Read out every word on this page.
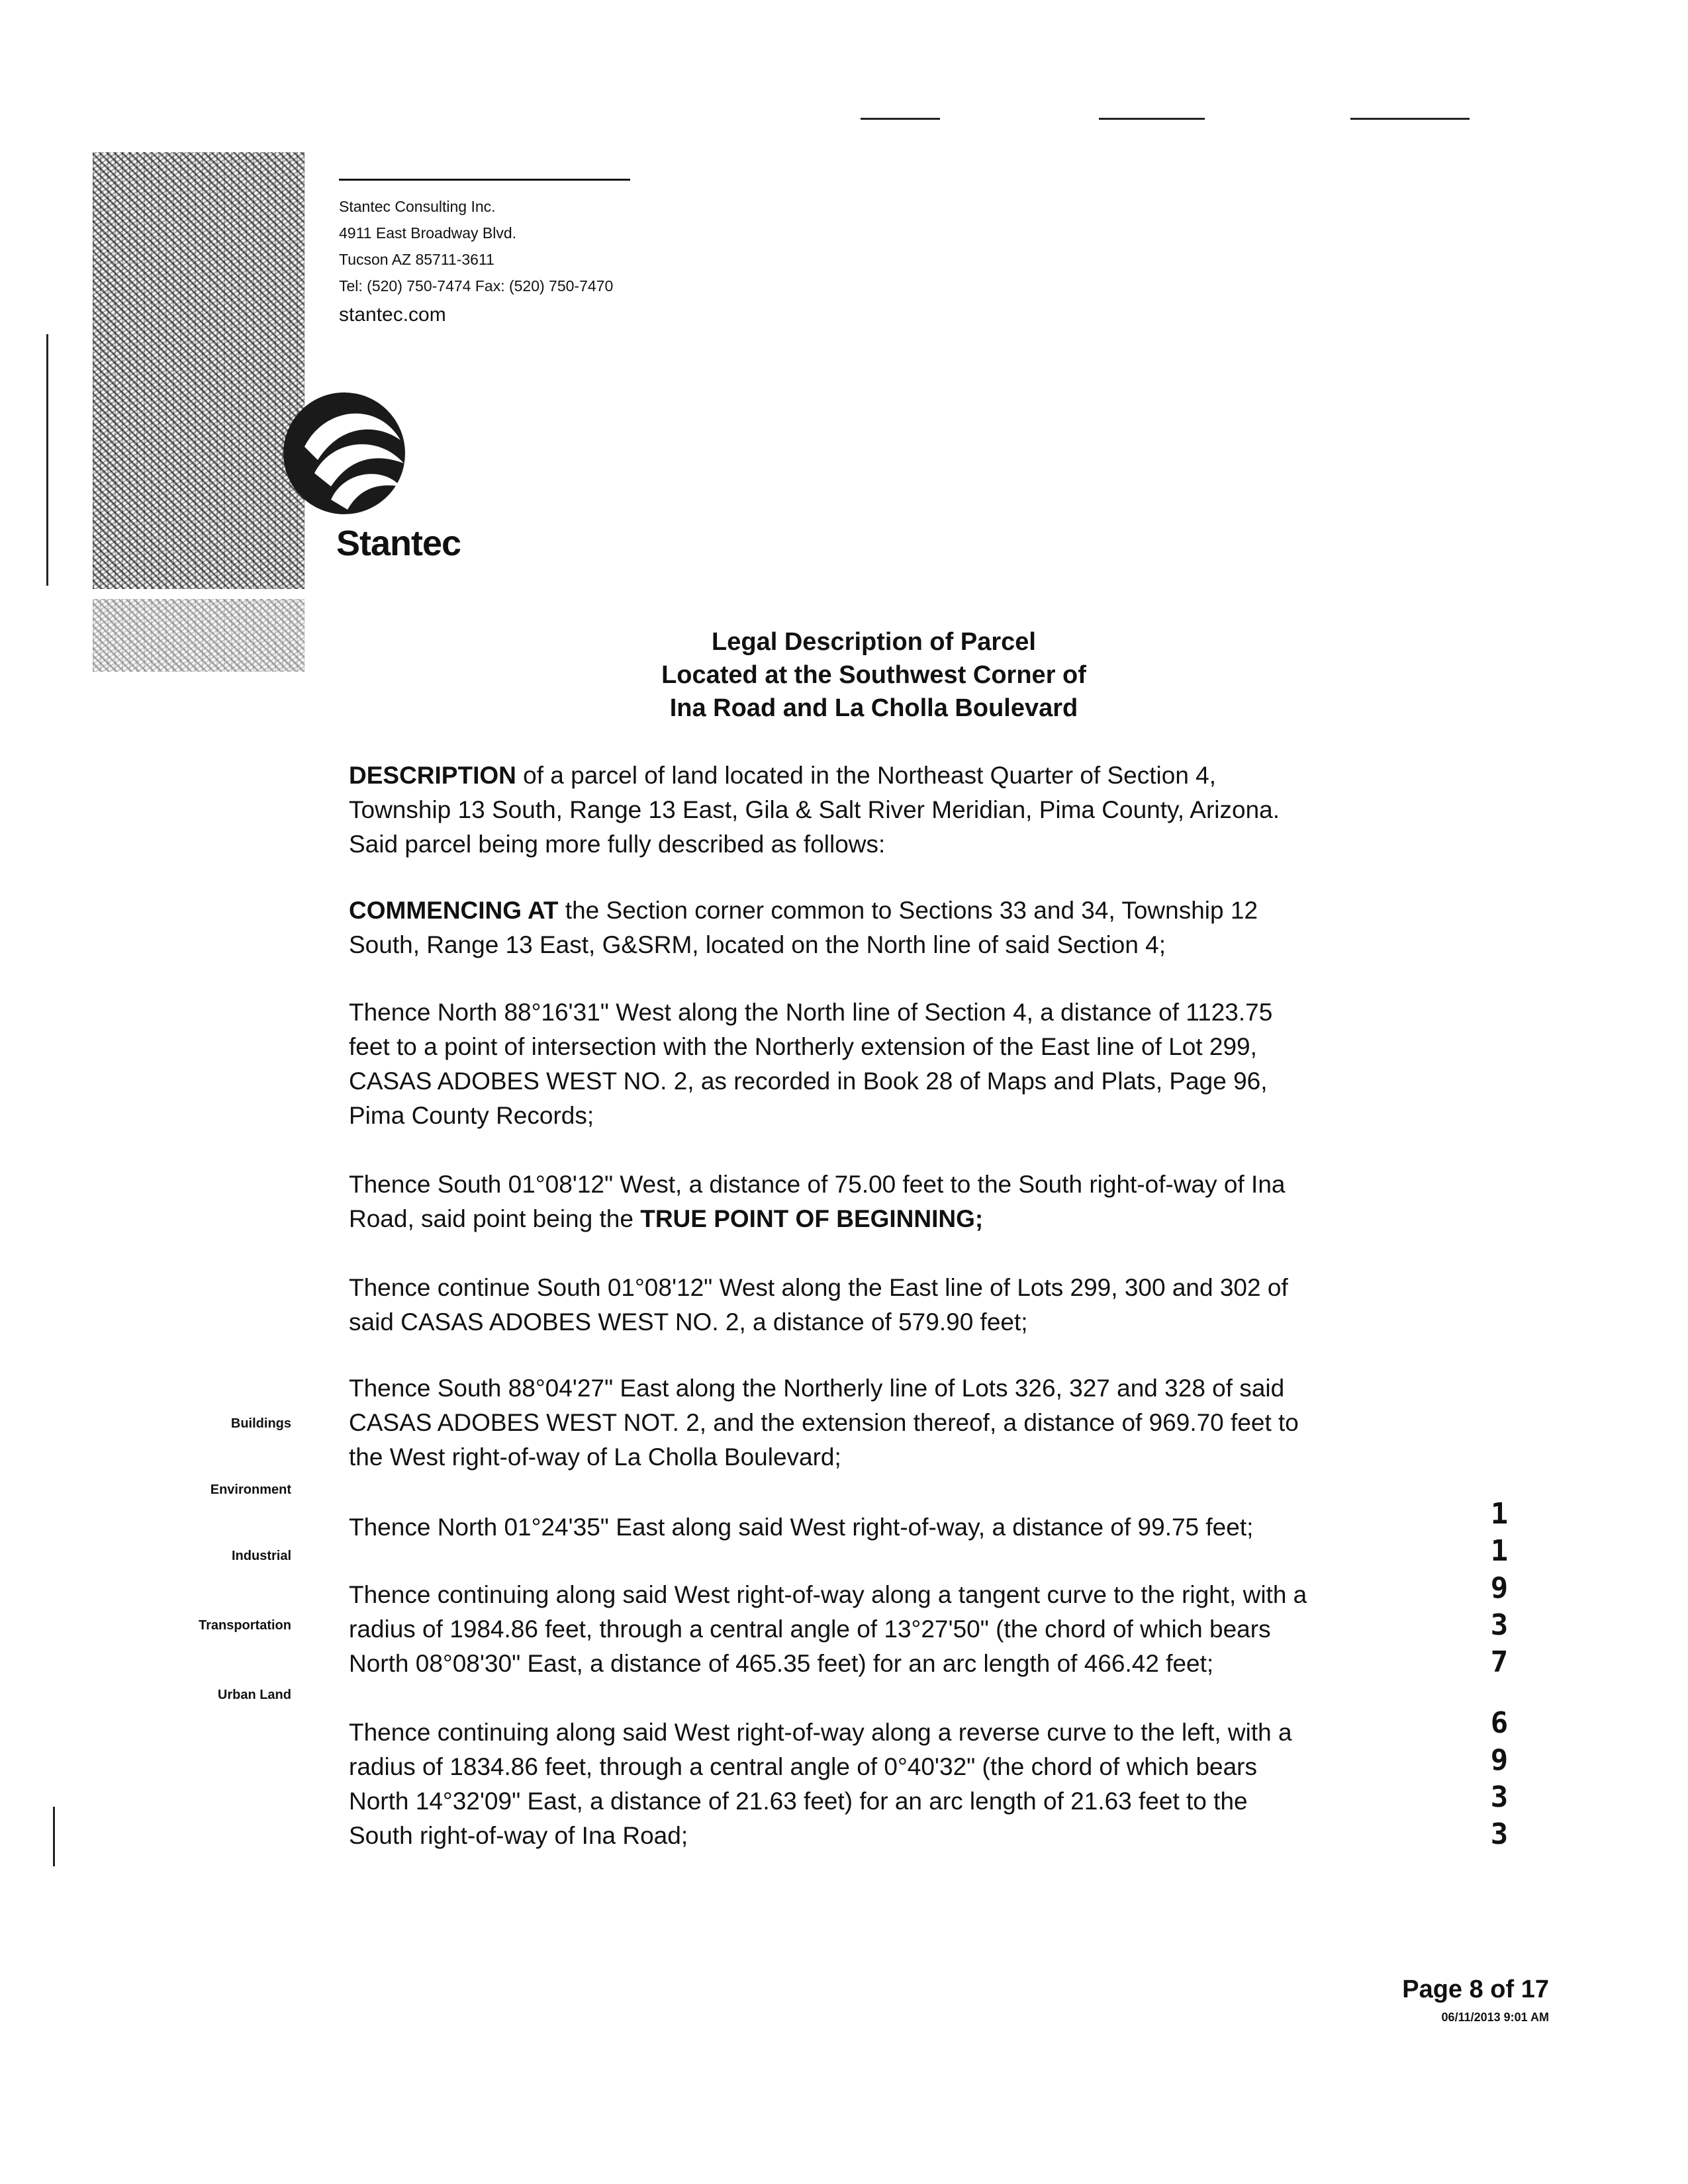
Stantec Consulting Inc.
4911 East Broadway Blvd.
Tucson AZ 85711-3611
Tel: (520) 750-7474 Fax: (520) 750-7470
stantec.com
Stantec
Legal Description of Parcel
Located at the Southwest Corner of
Ina Road and La Cholla Boulevard
DESCRIPTION of a parcel of land located in the Northeast Quarter of Section 4,
Township 13 South, Range 13 East, Gila & Salt River Meridian, Pima County, Arizona.
Said parcel being more fully described as follows:
COMMENCING AT the Section corner common to Sections 33 and 34, Township 12
South, Range 13 East, G&SRM, located on the North line of said Section 4;
Thence North 88°16'31" West along the North line of Section 4, a distance of 1123.75
feet to a point of intersection with the Northerly extension of the East line of Lot 299,
CASAS ADOBES WEST NO. 2, as recorded in Book 28 of Maps and Plats, Page 96,
Pima County Records;
Thence South 01°08'12" West, a distance of 75.00 feet to the South right-of-way of Ina
Road, said point being the TRUE POINT OF BEGINNING;
Thence continue South 01°08'12" West along the East line of Lots 299, 300 and 302 of
said CASAS ADOBES WEST NO. 2, a distance of 579.90 feet;
Thence South 88°04'27" East along the Northerly line of Lots 326, 327 and 328 of said
CASAS ADOBES WEST NOT. 2, and the extension thereof, a distance of 969.70 feet to
the West right-of-way of La Cholla Boulevard;
Thence North 01°24'35" East along said West right-of-way, a distance of 99.75 feet;
Thence continuing along said West right-of-way along a tangent curve to the right, with a
radius of 1984.86 feet, through a central angle of 13°27'50" (the chord of which bears
North 08°08'30" East, a distance of 465.35 feet) for an arc length of 466.42 feet;
Thence continuing along said West right-of-way along a reverse curve to the left, with a
radius of 1834.86 feet, through a central angle of 0°40'32" (the chord of which bears
North 14°32'09" East, a distance of 21.63 feet) for an arc length of 21.63 feet to the
South right-of-way of Ina Road;
Buildings
Environment
Industrial
Transportation
Urban Land
1
1
9
3
7
6
9
3
3
Page 8 of 17
06/11/2013 9:01 AM
